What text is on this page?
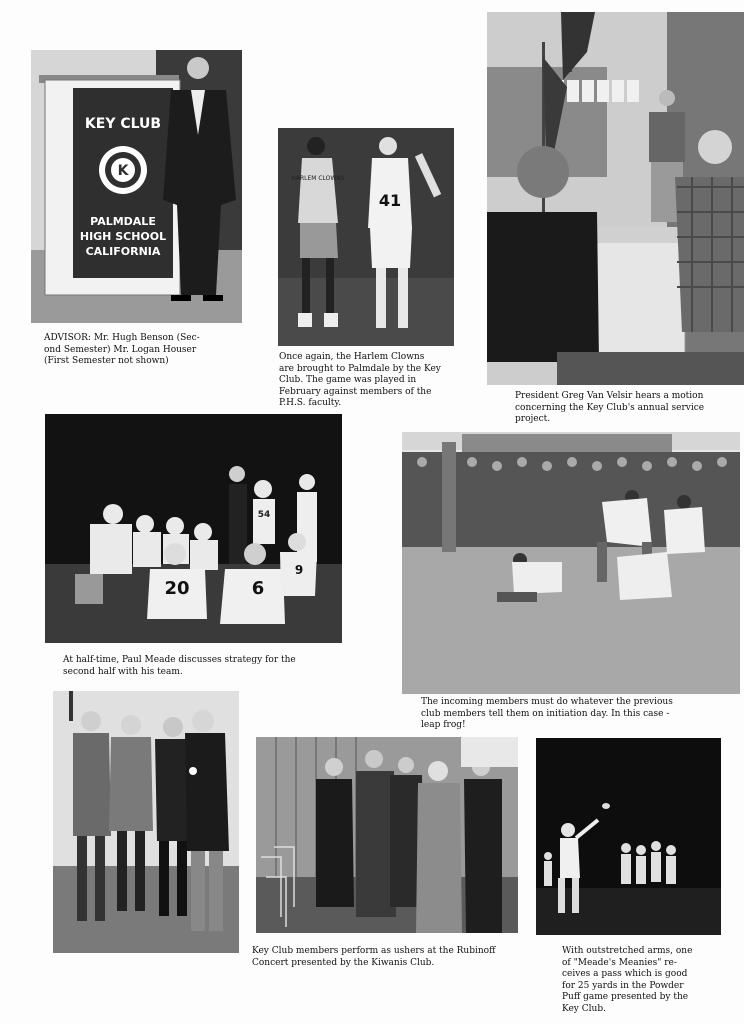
KEY CLUB
K
PALMDALE
HIGH SCHOOL
CALIFORNIA

ADVISOR: Mr. Hugh Benson (Sec-
ond Semester) Mr. Logan Houser
(First Semester not shown)

HARLEM CLOWNS
41

Once again, the Harlem Clowns
are brought to Palmdale by the Key
Club. The game was played in
February against members of the
P.H.S. faculty.

President Greg Van Velsir hears a motion
concerning the Key Club's annual service
project.

54
20	6
9

At half-time, Paul Meade discusses strategy for the
second half with his team.

The incoming members must do whatever the previous
club members tell them on initiation day. In this case -
leap frog!

Key Club members perform as ushers at the Rubinoff
Concert presented by the Kiwanis Club.

With outstretched arms, one
of "Meade's Meanies" re-
ceives a pass which is good
for 25 yards in the Powder
Puff game presented by the
Key Club.
